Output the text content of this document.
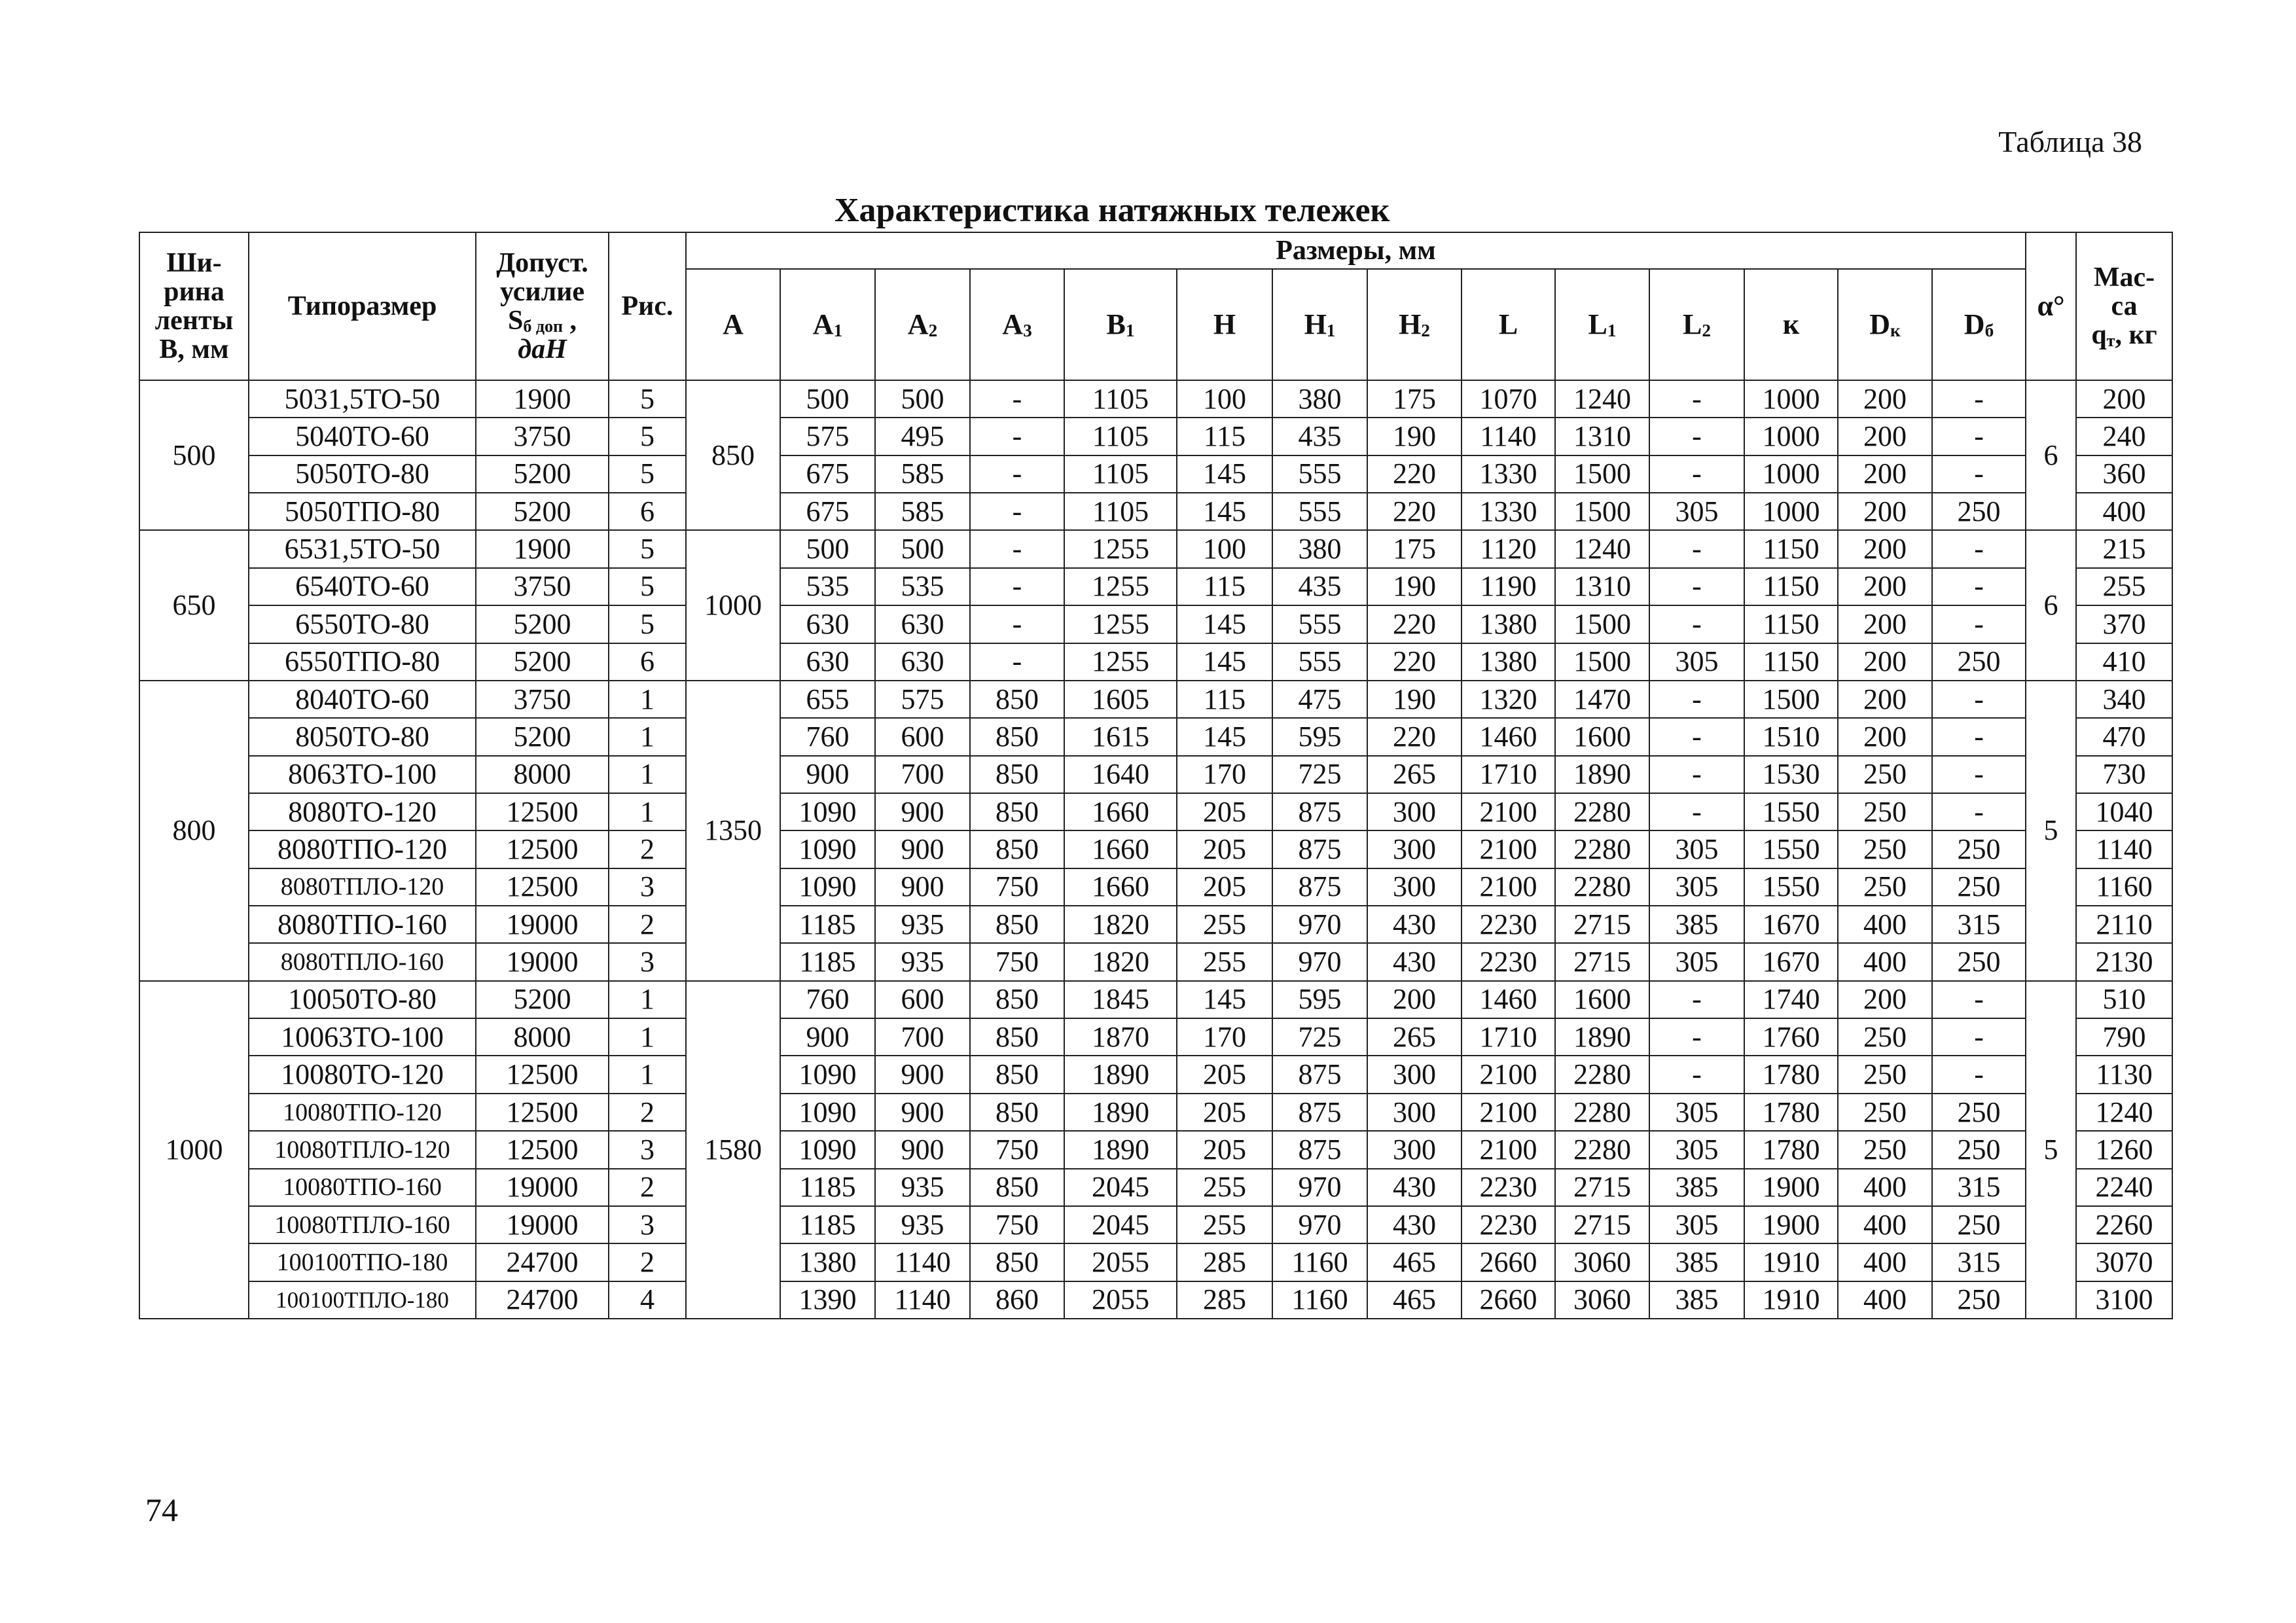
Таблица 38
Характеристика натяжных тележек
Ши-
рина
ленты
В, мм	Типоразмер	Допуст.
усилие
$S_{б доп}$ ,
даН	Рис.	Размеры, мм														α°	Мас-
са
$q_т$, кг
				A	$A_1$	$A_2$	$A_3$	$B_1$	H	$H_1$	$H_2$	L	$L_1$	$L_2$	к	$D_к$	$D_б$
500	5031,5ТО-50	1900	5	850	500	500	-	1105	100	380	175	1070	1240	-	1000	200	-	6	200
	5040ТО-60	3750	5		575	495	-	1105	115	435	190	1140	1310	-	1000	200	-		240
	5050ТО-80	5200	5		675	585	-	1105	145	555	220	1330	1500	-	1000	200	-		360
	5050ТПО-80	5200	6		675	585	-	1105	145	555	220	1330	1500	305	1000	200	250		400
650	6531,5ТО-50	1900	5	1000	500	500	-	1255	100	380	175	1120	1240	-	1150	200	-	6	215
	6540ТО-60	3750	5		535	535	-	1255	115	435	190	1190	1310	-	1150	200	-		255
	6550ТО-80	5200	5		630	630	-	1255	145	555	220	1380	1500	-	1150	200	-		370
	6550ТПО-80	5200	6		630	630	-	1255	145	555	220	1380	1500	305	1150	200	250		410
800	8040ТО-60	3750	1	1350	655	575	850	1605	115	475	190	1320	1470	-	1500	200	-	5	340
	8050ТО-80	5200	1		760	600	850	1615	145	595	220	1460	1600	-	1510	200	-		470
	8063ТО-100	8000	1		900	700	850	1640	170	725	265	1710	1890	-	1530	250	-		730
	8080ТО-120	12500	1		1090	900	850	1660	205	875	300	2100	2280	-	1550	250	-		1040
	8080ТПО-120	12500	2		1090	900	850	1660	205	875	300	2100	2280	305	1550	250	250		1140
	8080ТПЛО-120	12500	3		1090	900	750	1660	205	875	300	2100	2280	305	1550	250	250		1160
	8080ТПО-160	19000	2		1185	935	850	1820	255	970	430	2230	2715	385	1670	400	315		2110
	8080ТПЛО-160	19000	3		1185	935	750	1820	255	970	430	2230	2715	305	1670	400	250		2130
1000	10050ТО-80	5200	1	1580	760	600	850	1845	145	595	200	1460	1600	-	1740	200	-	5	510
	10063ТО-100	8000	1		900	700	850	1870	170	725	265	1710	1890	-	1760	250	-		790
	10080ТО-120	12500	1		1090	900	850	1890	205	875	300	2100	2280	-	1780	250	-		1130
	10080ТПО-120	12500	2		1090	900	850	1890	205	875	300	2100	2280	305	1780	250	250		1240
	10080ТПЛО-120	12500	3		1090	900	750	1890	205	875	300	2100	2280	305	1780	250	250		1260
	10080ТПО-160	19000	2		1185	935	850	2045	255	970	430	2230	2715	385	1900	400	315		2240
	10080ТПЛО-160	19000	3		1185	935	750	2045	255	970	430	2230	2715	305	1900	400	250		2260
	100100ТПО-180	24700	2		1380	1140	850	2055	285	1160	465	2660	3060	385	1910	400	315		3070
	100100ТПЛО-180	24700	4		1390	1140	860	2055	285	1160	465	2660	3060	385	1910	400	250		3100
74
